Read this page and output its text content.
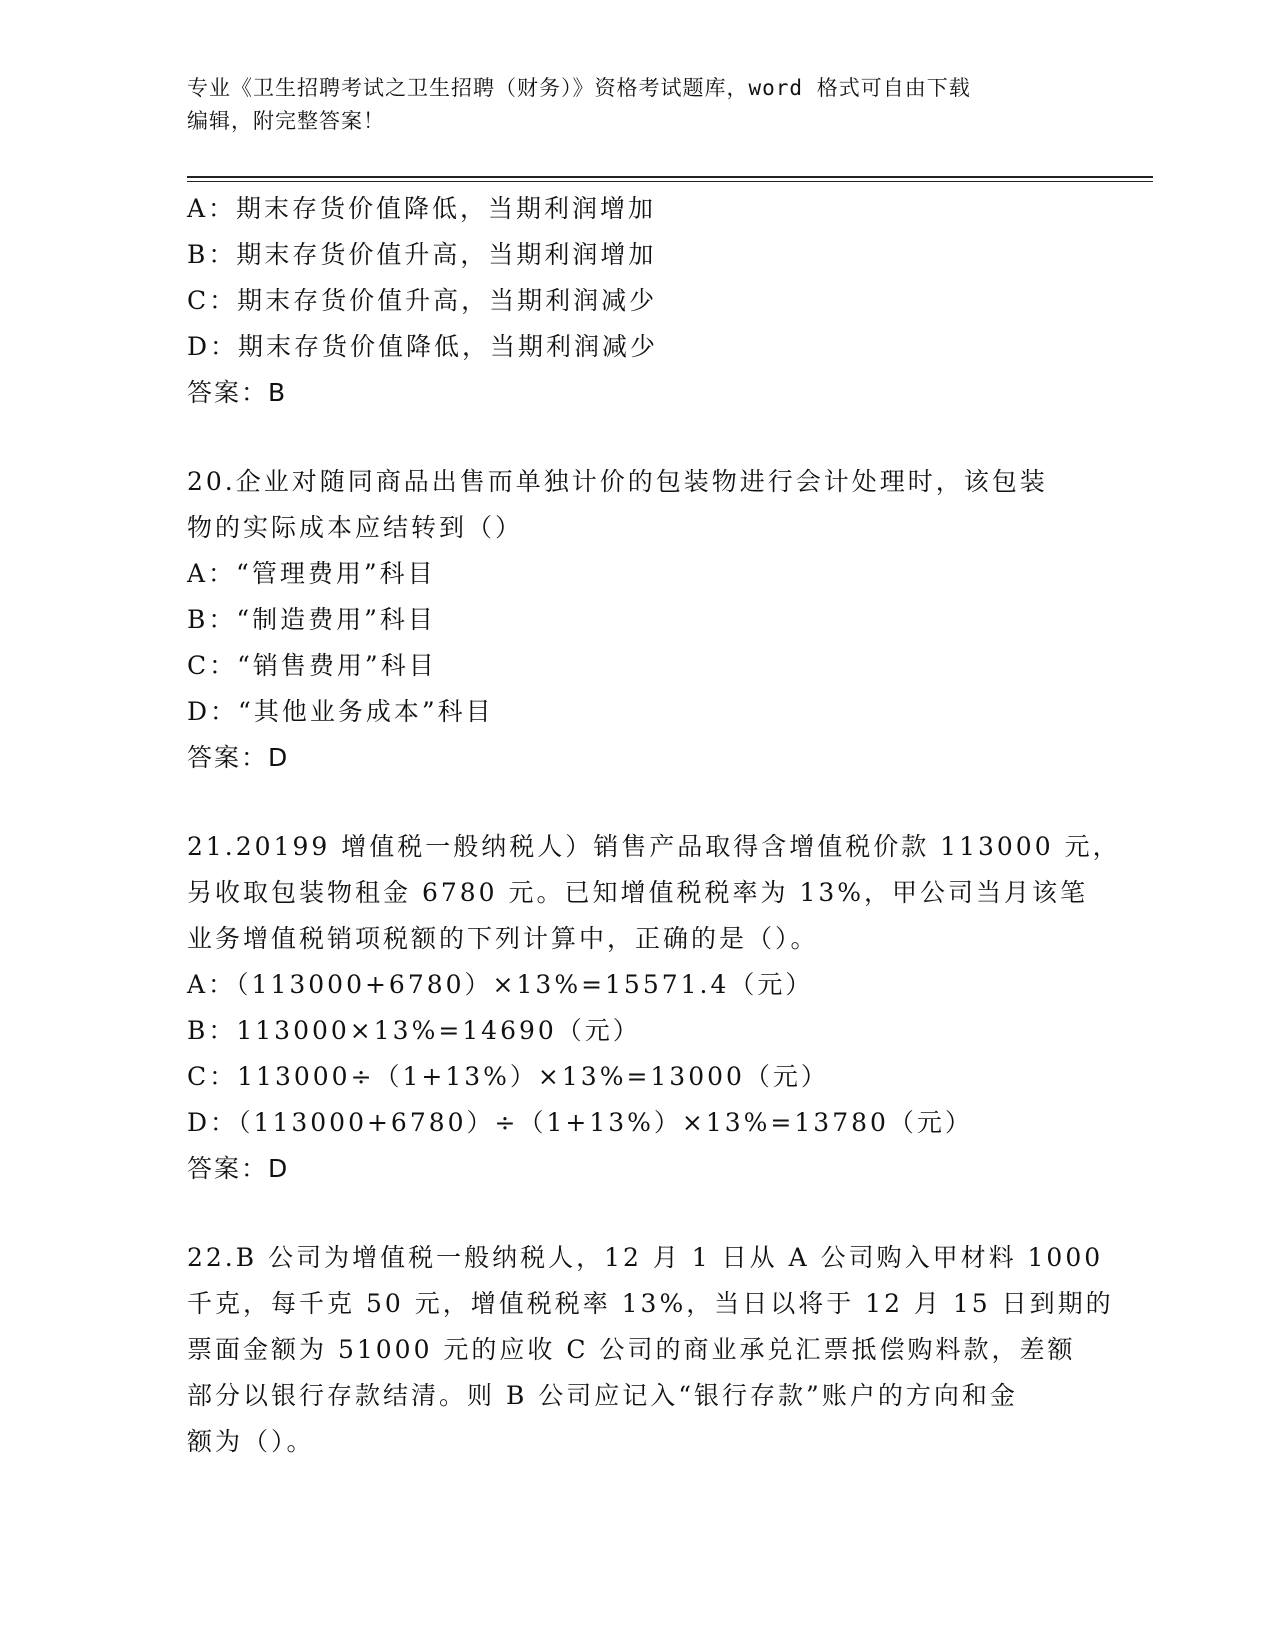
专业《卫生招聘考试之卫生招聘（财务）》资格考试题库，word 格式可自由下载
编辑，附完整答案！
A：期末存货价值降低，当期利润增加
B：期末存货价值升高，当期利润增加
C：期末存货价值升高，当期利润减少
D：期末存货价值降低，当期利润减少
答案：B
20.企业对随同商品出售而单独计价的包装物进行会计处理时，该包装
物的实际成本应结转到（）
A：“管理费用”科目
B：“制造费用”科目
C：“销售费用”科目
D：“其他业务成本”科目
答案：D
21.20199 增值税一般纳税人）销售产品取得含增值税价款 113000 元，
另收取包装物租金 6780 元。已知增值税税率为 13%，甲公司当月该笔
业务增值税销项税额的下列计算中，正确的是（）。
A：（113000+6780）×13%=15571.4（元）
B：113000×13%=14690（元）
C：113000÷（1+13%）×13%=13000（元）
D：（113000+6780）÷（1+13%）×13%=13780（元）
答案：D
22.B 公司为增值税一般纳税人，12 月 1 日从 A 公司购入甲材料 1000
千克，每千克 50 元，增值税税率 13%，当日以将于 12 月 15 日到期的
票面金额为 51000 元的应收 C 公司的商业承兑汇票抵偿购料款，差额
部分以银行存款结清。则 B 公司应记入“银行存款”账户的方向和金
额为（）。
